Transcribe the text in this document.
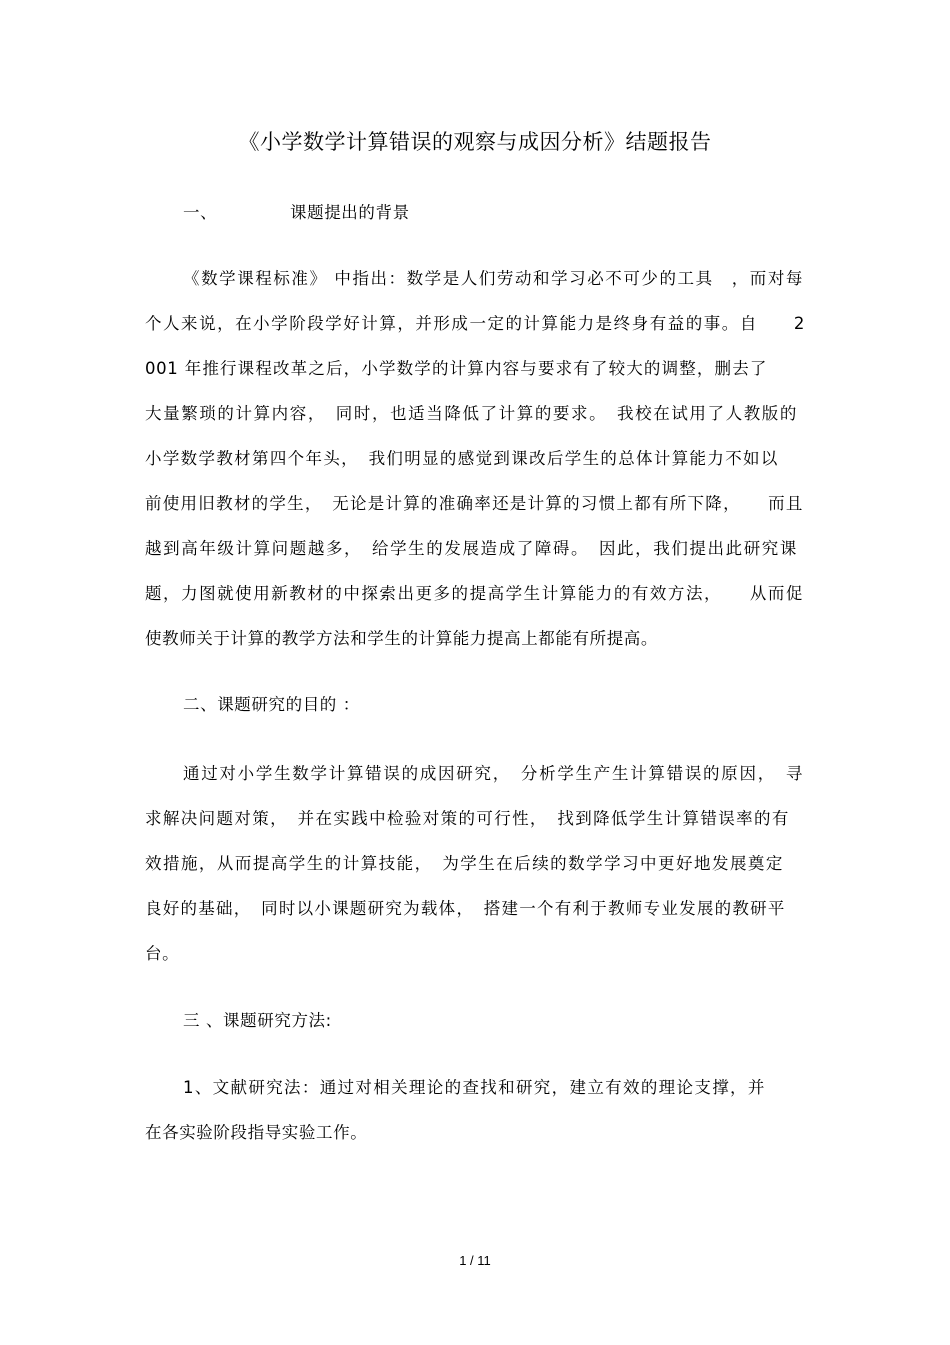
《小学数学计算错误的观察与成因分析》结题报告
一、	课题提出的背景
《数学课程标准》 中指出：数学是人们劳动和学习必不可少的工具　，而对每
个人来说，在小学阶段学好计算，并形成一定的计算能力是终身有益的事。自　　2
001 年推行课程改革之后，小学数学的计算内容与要求有了较大的调整，删去了
大量繁琐的计算内容，　同时，也适当降低了计算的要求。　我校在试用了人教版的
小学数学教材第四个年头，　我们明显的感觉到课改后学生的总体计算能力不如以
前使用旧教材的学生，　无论是计算的准确率还是计算的习惯上都有所下降，　　而且
越到高年级计算问题越多，　给学生的发展造成了障碍。　因此，我们提出此研究课
题，力图就使用新教材的中探索出更多的提高学生计算能力的有效方法，　　从而促
使教师关于计算的教学方法和学生的计算能力提高上都能有所提高。
二、课题研究的目的 ：
通过对小学生数学计算错误的成因研究，　分析学生产生计算错误的原因，　寻
求解决问题对策，　并在实践中检验对策的可行性，　找到降低学生计算错误率的有
效措施，从而提高学生的计算技能，　为学生在后续的数学学习中更好地发展奠定
良好的基础，　同时以小课题研究为载体，　搭建一个有利于教师专业发展的教研平
台。
三 、课题研究方法:
1、文献研究法：通过对相关理论的查找和研究，建立有效的理论支撑，并
在各实验阶段指导实验工作。
1 / 11
